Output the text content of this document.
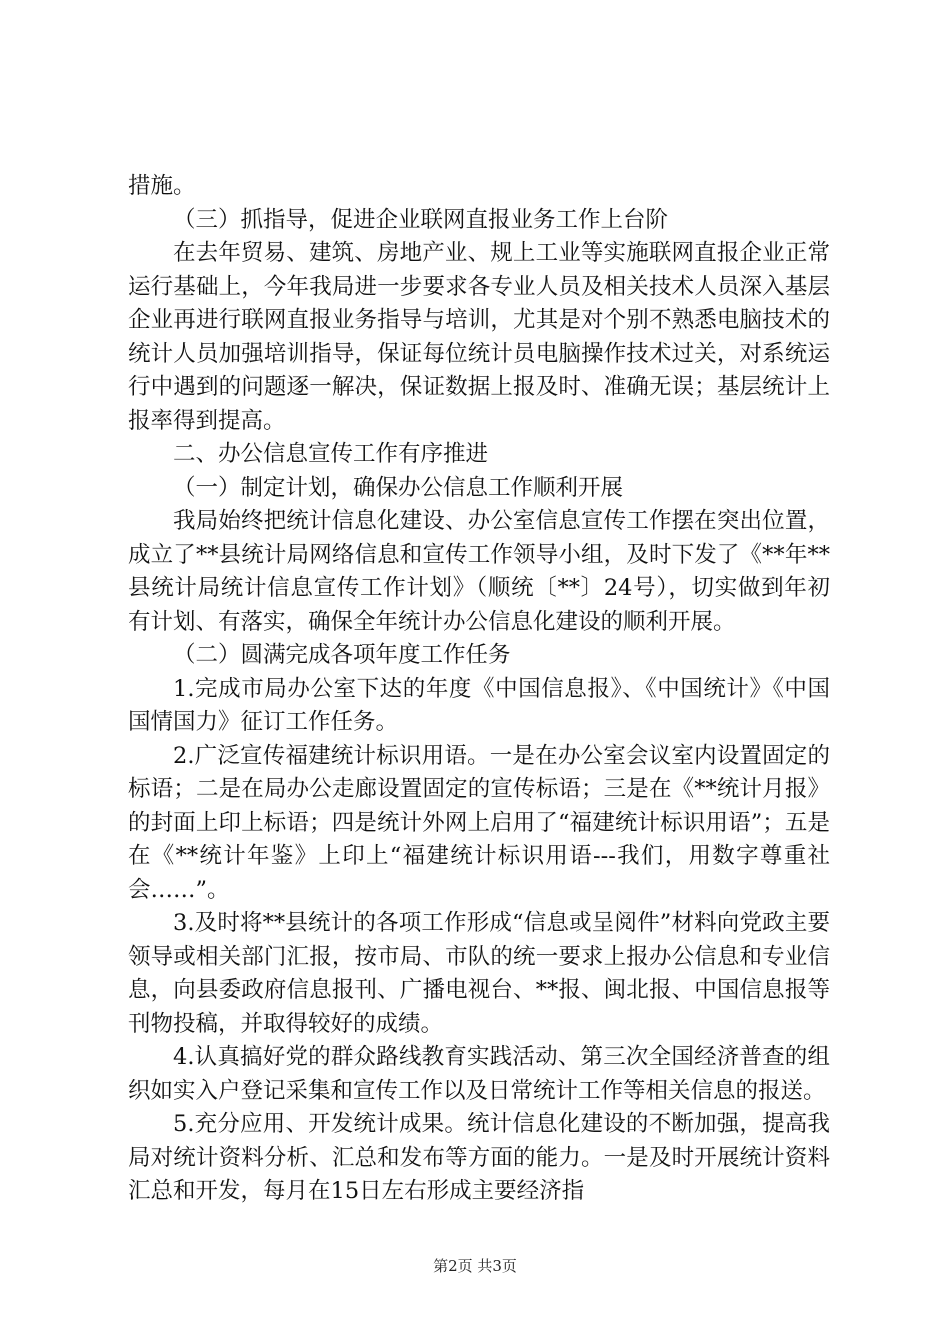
措施。

（三）抓指导，促进企业联网直报业务工作上台阶

在去年贸易、建筑、房地产业、规上工业等实施联网直报企业正常运行基础上，今年我局进一步要求各专业人员及相关技术人员深入基层企业再进行联网直报业务指导与培训，尤其是对个别不熟悉电脑技术的统计人员加强培训指导，保证每位统计员电脑操作技术过关，对系统运行中遇到的问题逐一解决，保证数据上报及时、准确无误；基层统计上报率得到提高。

二、办公信息宣传工作有序推进

（一）制定计划，确保办公信息工作顺利开展

我局始终把统计信息化建设、办公室信息宣传工作摆在突出位置，成立了**县统计局网络信息和宣传工作领导小组，及时下发了《**年**县统计局统计信息宣传工作计划》（顺统〔**〕24号），切实做到年初有计划、有落实，确保全年统计办公信息化建设的顺利开展。

（二）圆满完成各项年度工作任务

1.完成市局办公室下达的年度《中国信息报》、《中国统计》《中国国情国力》征订工作任务。

2.广泛宣传福建统计标识用语。一是在办公室会议室内设置固定的标语；二是在局办公走廊设置固定的宣传标语；三是在《**统计月报》的封面上印上标语；四是统计外网上启用了“福建统计标识用语”；五是在《**统计年鉴》上印上“福建统计标识用语---我们，用数字尊重社会……”。

3.及时将**县统计的各项工作形成“信息或呈阅件”材料向党政主要领导或相关部门汇报，按市局、市队的统一要求上报办公信息和专业信息，向县委政府信息报刊、广播电视台、**报、闽北报、中国信息报等刊物投稿，并取得较好的成绩。

4.认真搞好党的群众路线教育实践活动、第三次全国经济普查的组织如实入户登记采集和宣传工作以及日常统计工作等相关信息的报送。

5.充分应用、开发统计成果。统计信息化建设的不断加强，提高我局对统计资料分析、汇总和发布等方面的能力。一是及时开展统计资料汇总和开发，每月在15日左右形成主要经济指

第2页 共3页
